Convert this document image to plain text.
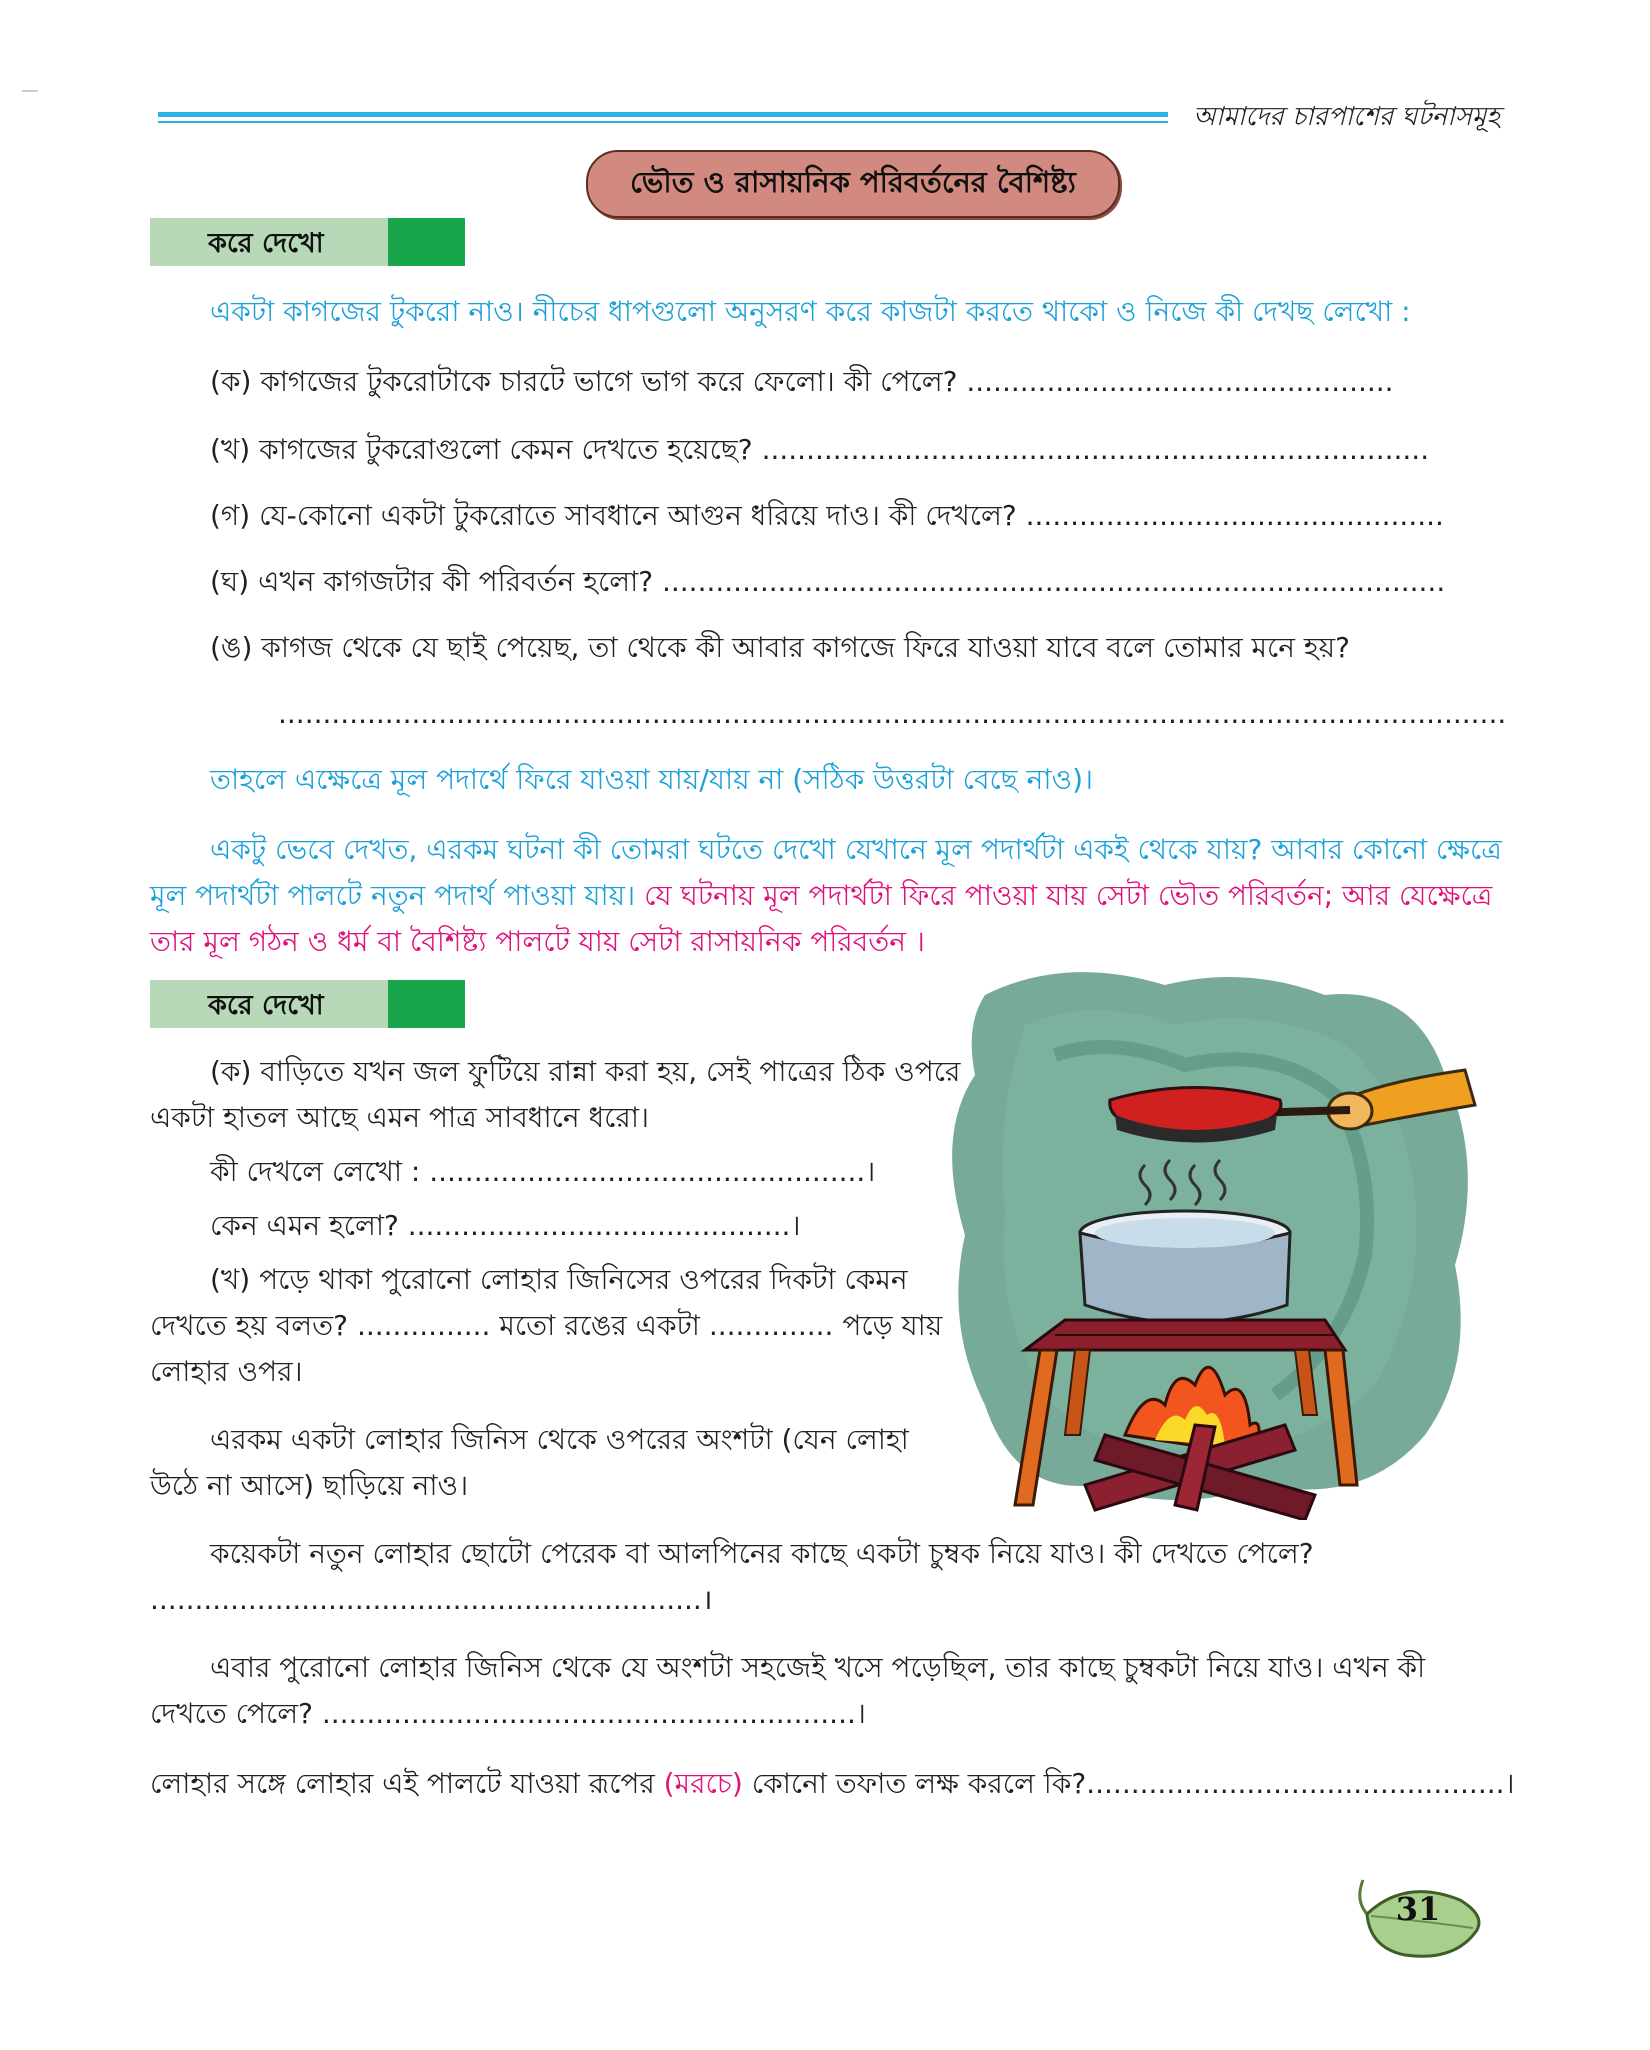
আমাদের চারপাশের ঘটনাসমূহ
ভৌত ও রাসায়নিক পরিবর্তনের বৈশিষ্ট্য
করে দেখো
একটা কাগজের টুকরো নাও। নীচের ধাপগুলো অনুসরণ করে কাজটা করতে থাকো ও নিজে কী দেখছ লেখো :
(ক) কাগজের টুকরোটাকে চারটে ভাগে ভাগ করে ফেলো। কী পেলে? ................................................
(খ) কাগজের টুকরোগুলো কেমন দেখতে হয়েছে? ...........................................................................
(গ) যে-কোনো একটা টুকরোতে সাবধানে আগুন ধরিয়ে দাও। কী দেখলে? ...............................................
(ঘ) এখন কাগজটার কী পরিবর্তন হলো? ........................................................................................
(ঙ) কাগজ থেকে যে ছাই পেয়েছ, তা থেকে কী আবার কাগজে ফিরে যাওয়া যাবে বলে তোমার মনে হয়?
..........................................................................................................................................
তাহলে এক্ষেত্রে মূল পদার্থে ফিরে যাওয়া যায়/যায় না (সঠিক উত্তরটা বেছে নাও)।
একটু ভেবে দেখত, এরকম ঘটনা কী তোমরা ঘটতে দেখো যেখানে মূল পদার্থটা একই থেকে যায়? আবার কোনো ক্ষেত্রে
মূল পদার্থটা পালটে নতুন পদার্থ পাওয়া যায়। যে ঘটনায় মূল পদার্থটা ফিরে পাওয়া যায় সেটা ভৌত পরিবর্তন; আর যেক্ষেত্রে
তার মূল গঠন ও ধর্ম বা বৈশিষ্ট্য পালটে যায় সেটা রাসায়নিক পরিবর্তন ।
করে দেখো
(ক) বাড়িতে যখন জল ফুটিয়ে রান্না করা হয়, সেই পাত্রের ঠিক ওপরে
একটা হাতল আছে এমন পাত্র সাবধানে ধরো।
কী দেখলে লেখো : .................................................।
কেন এমন হলো? ...........................................।
(খ) পড়ে থাকা পুরোনো লোহার জিনিসের ওপরের দিকটা কেমন
দেখতে হয় বলত? ............... মতো রঙের একটা .............. পড়ে যায়
লোহার ওপর।
এরকম একটা লোহার জিনিস থেকে ওপরের অংশটা (যেন লোহা
উঠে না আসে) ছাড়িয়ে নাও।
কয়েকটা নতুন লোহার ছোটো পেরেক বা আলপিনের কাছে একটা চুম্বক নিয়ে যাও। কী দেখতে পেলে?
..............................................................।
এবার পুরোনো লোহার জিনিস থেকে যে অংশটা সহজেই খসে পড়েছিল, তার কাছে চুম্বকটা নিয়ে যাও। এখন কী
দেখতে পেলে? ............................................................।
লোহার সঙ্গে লোহার এই পালটে যাওয়া রূপের (মরচে) কোনো তফাত লক্ষ করলে কি?...............................................।
31
